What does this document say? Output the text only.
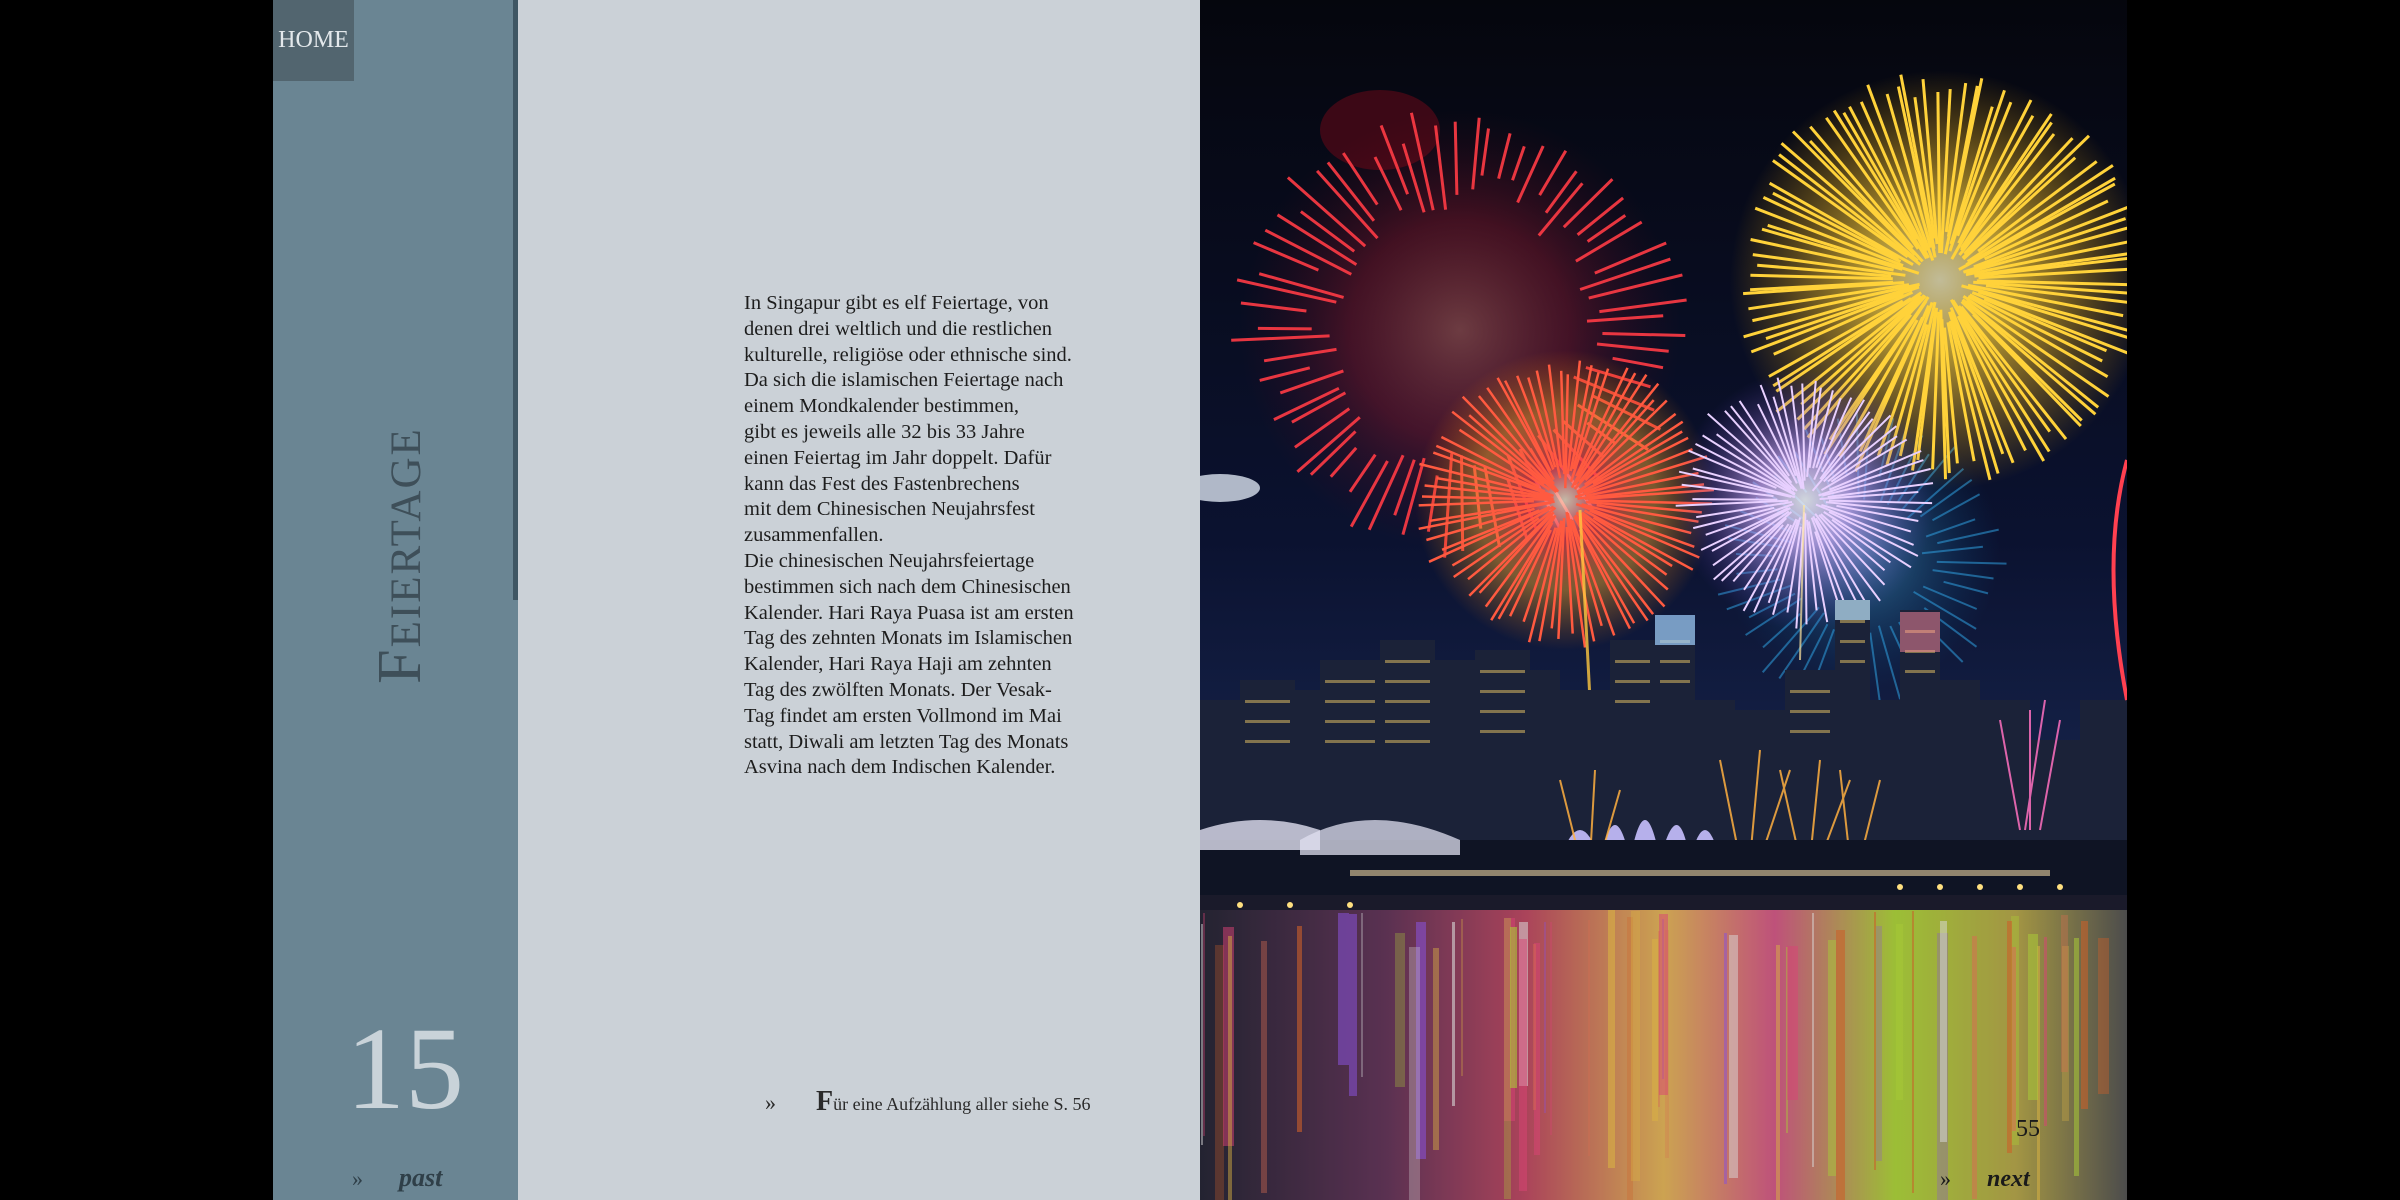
HOME
Feiertage
15
» past
In Singapur gibt es elf Feiertage, von
denen drei weltlich und die restlichen
kulturelle, religiöse oder ethnische sind.
Da sich die islamischen Feiertage nach
einem Mondkalender bestimmen,
gibt es jeweils alle 32 bis 33 Jahre
einen Feiertag im Jahr doppelt. Dafür
kann das Fest des Fastenbrechens
mit dem Chinesischen Neujahrsfest
zusammenfallen.
Die chinesischen Neujahrsfeiertage
bestimmen sich nach dem Chinesischen
Kalender. Hari Raya Puasa ist am ersten
Tag des zehnten Monats im Islamischen
Kalender, Hari Raya Haji am zehnten
Tag des zwölften Monats. Der Vesak-
Tag findet am ersten Vollmond im Mai
statt, Diwali am letzten Tag des Monats
Asvina nach dem Indischen Kalender.
» Für eine Aufzählung aller siehe S. 56
55
» next
